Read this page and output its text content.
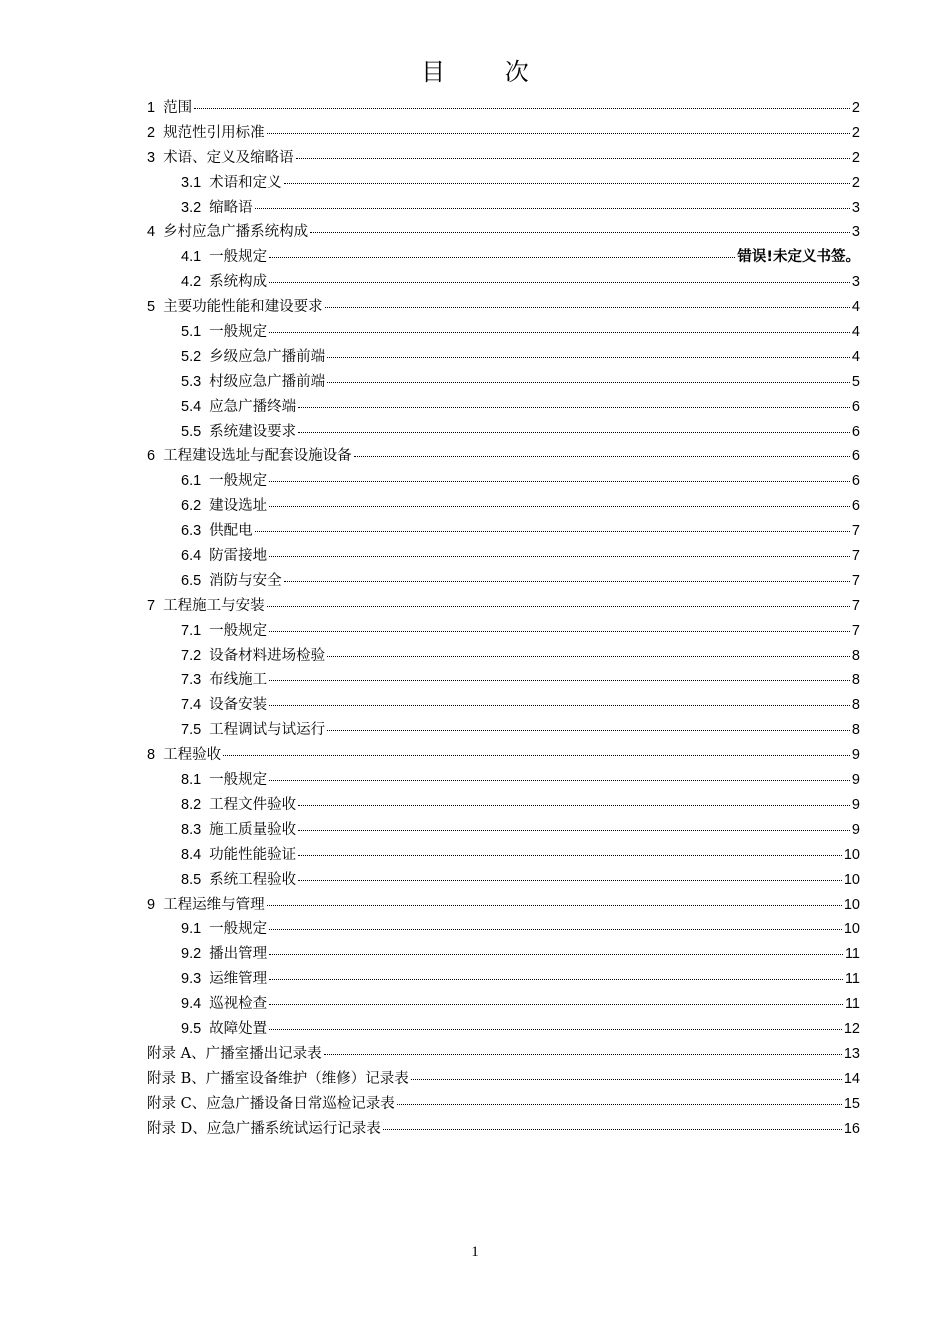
目 次
1 范围	2
2 规范性引用标准	2
3 术语、定义及缩略语	2
3.1 术语和定义	2
3.2 缩略语	3
4 乡村应急广播系统构成	3
4.1 一般规定	错误!未定义书签。
4.2 系统构成	3
5 主要功能性能和建设要求	4
5.1 一般规定	4
5.2 乡级应急广播前端	4
5.3 村级应急广播前端	5
5.4 应急广播终端	6
5.5 系统建设要求	6
6 工程建设选址与配套设施设备	6
6.1 一般规定	6
6.2 建设选址	6
6.3 供配电	7
6.4 防雷接地	7
6.5 消防与安全	7
7 工程施工与安装	7
7.1 一般规定	7
7.2 设备材料进场检验	8
7.3 布线施工	8
7.4 设备安装	8
7.5 工程调试与试运行	8
8 工程验收	9
8.1 一般规定	9
8.2 工程文件验收	9
8.3 施工质量验收	9
8.4 功能性能验证	10
8.5 系统工程验收	10
9 工程运维与管理	10
9.1 一般规定	10
9.2 播出管理	11
9.3 运维管理	11
9.4 巡视检查	11
9.5 故障处置	12
附录 A、广播室播出记录表	13
附录 B、广播室设备维护（维修）记录表	14
附录 C、应急广播设备日常巡检记录表	15
附录 D、应急广播系统试运行记录表	16
1
